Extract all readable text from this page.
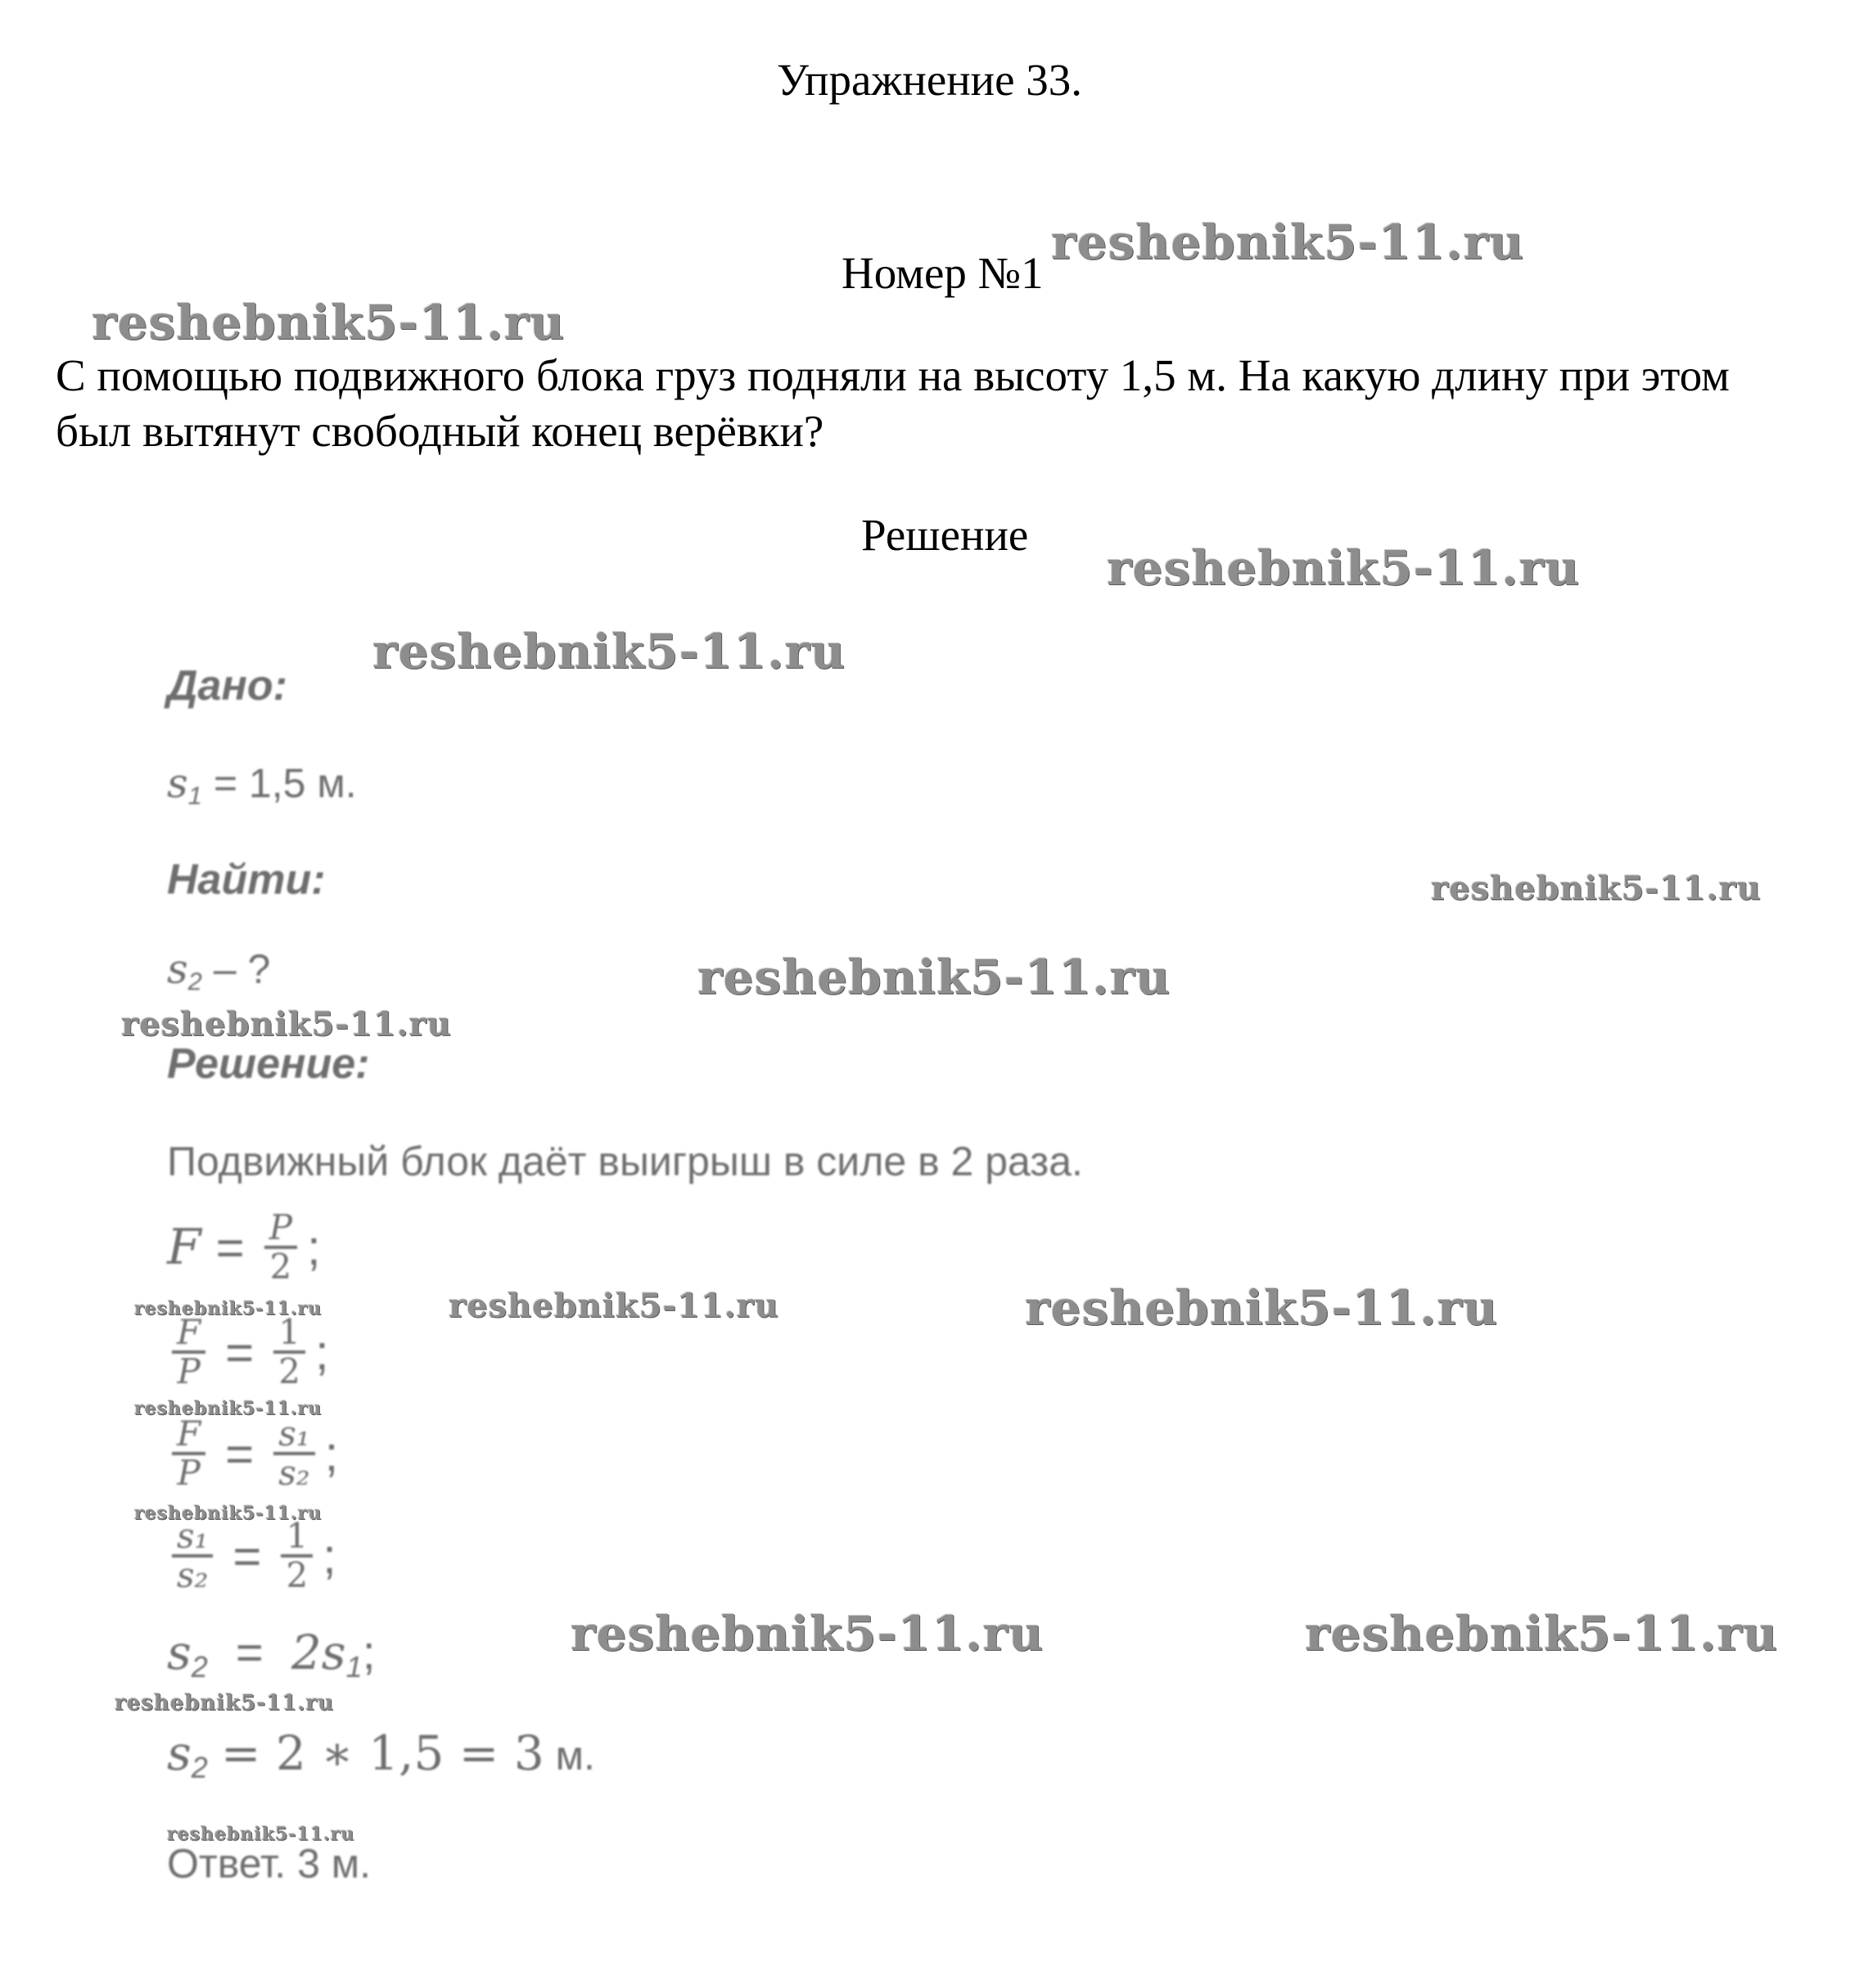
Упражнение 33.
Номер №1
С помощью подвижного блока груз подняли на высоту 1,5 м. На какую длину при этом был вытянут свободный конец верёвки?
Решение
Дано:
$s_1 = 1,5$ м.
Найти:
$s_2$ – ?
Решение:
Подвижный блок даёт выигрыш в силе в 2 раза.
$F = \frac{P}{2}$ ;
$\frac{F}{P} = \frac{1}{2}$ ;
$\frac{F}{P} = \frac{\text{s₁}}{\text{s₂}}$ ;
$\frac{\text{s₁}}{\text{s₂}} = \frac{1}{2}$ ;
$s_2 = 2s_1$;
$s_2 = 2$ ∗ 1,5 = 3 м.
Ответ. 3 м.
reshebnik5-11.ru
reshebnik5-11.ru
reshebnik5-11.ru
reshebnik5-11.ru
reshebnik5-11.ru
reshebnik5-11.ru
reshebnik5-11.ru
reshebnik5-11.ru	reshebnik5-11.ru	reshebnik5-11.ru
reshebnik5-11.ru
reshebnik5-11.ru
reshebnik5-11.ru	reshebnik5-11.ru
reshebnik5-11.ru
reshebnik5-11.ru
